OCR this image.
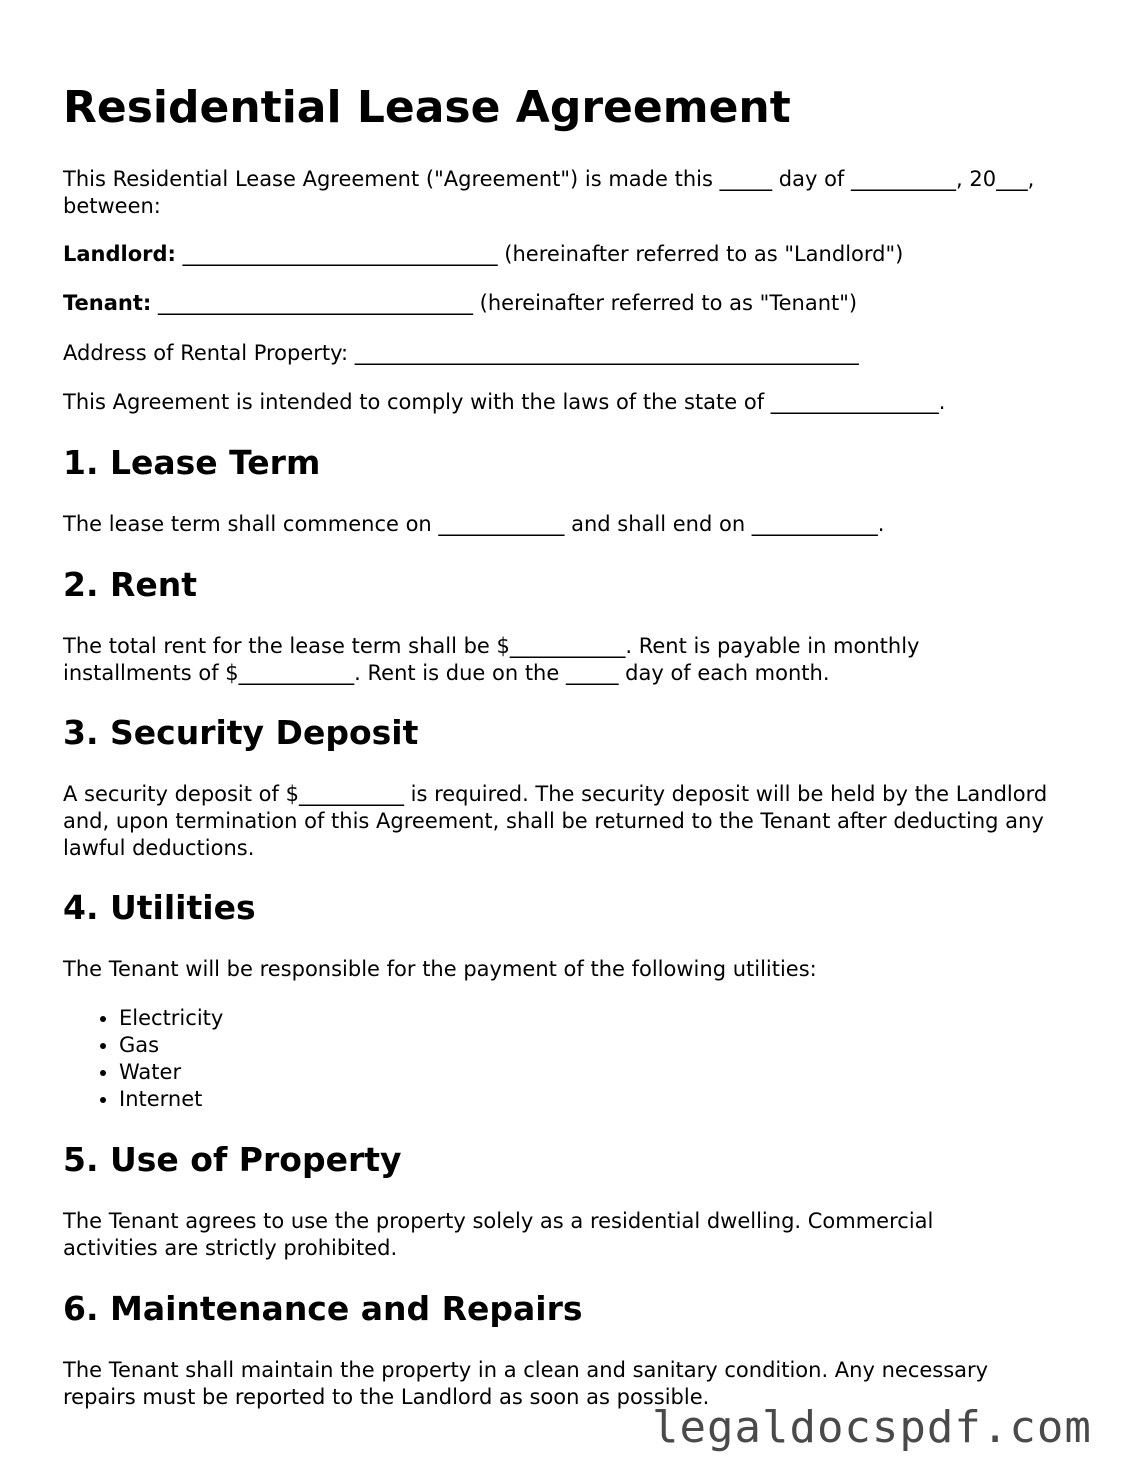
Residential Lease Agreement

This Residential Lease Agreement ("Agreement") is made this _____ day of __________, 20___, between:

Landlord: ______________________________ (hereinafter referred to as "Landlord")

Tenant: ______________________________ (hereinafter referred to as "Tenant")

Address of Rental Property: ________________________________________________

This Agreement is intended to comply with the laws of the state of ________________.

1. Lease Term

The lease term shall commence on ____________ and shall end on ____________.

2. Rent

The total rent for the lease term shall be $___________. Rent is payable in monthly installments of $___________. Rent is due on the _____ day of each month.

3. Security Deposit

A security deposit of $__________ is required. The security deposit will be held by the Landlord and, upon termination of this Agreement, shall be returned to the Tenant after deducting any lawful deductions.

4. Utilities

The Tenant will be responsible for the payment of the following utilities:

• Electricity
• Gas
• Water
• Internet
5. Use of Property

The Tenant agrees to use the property solely as a residential dwelling. Commercial activities are strictly prohibited.

6. Maintenance and Repairs

The Tenant shall maintain the property in a clean and sanitary condition. Any necessary repairs must be reported to the Landlord as soon as possible.

legaldocspdf.com
